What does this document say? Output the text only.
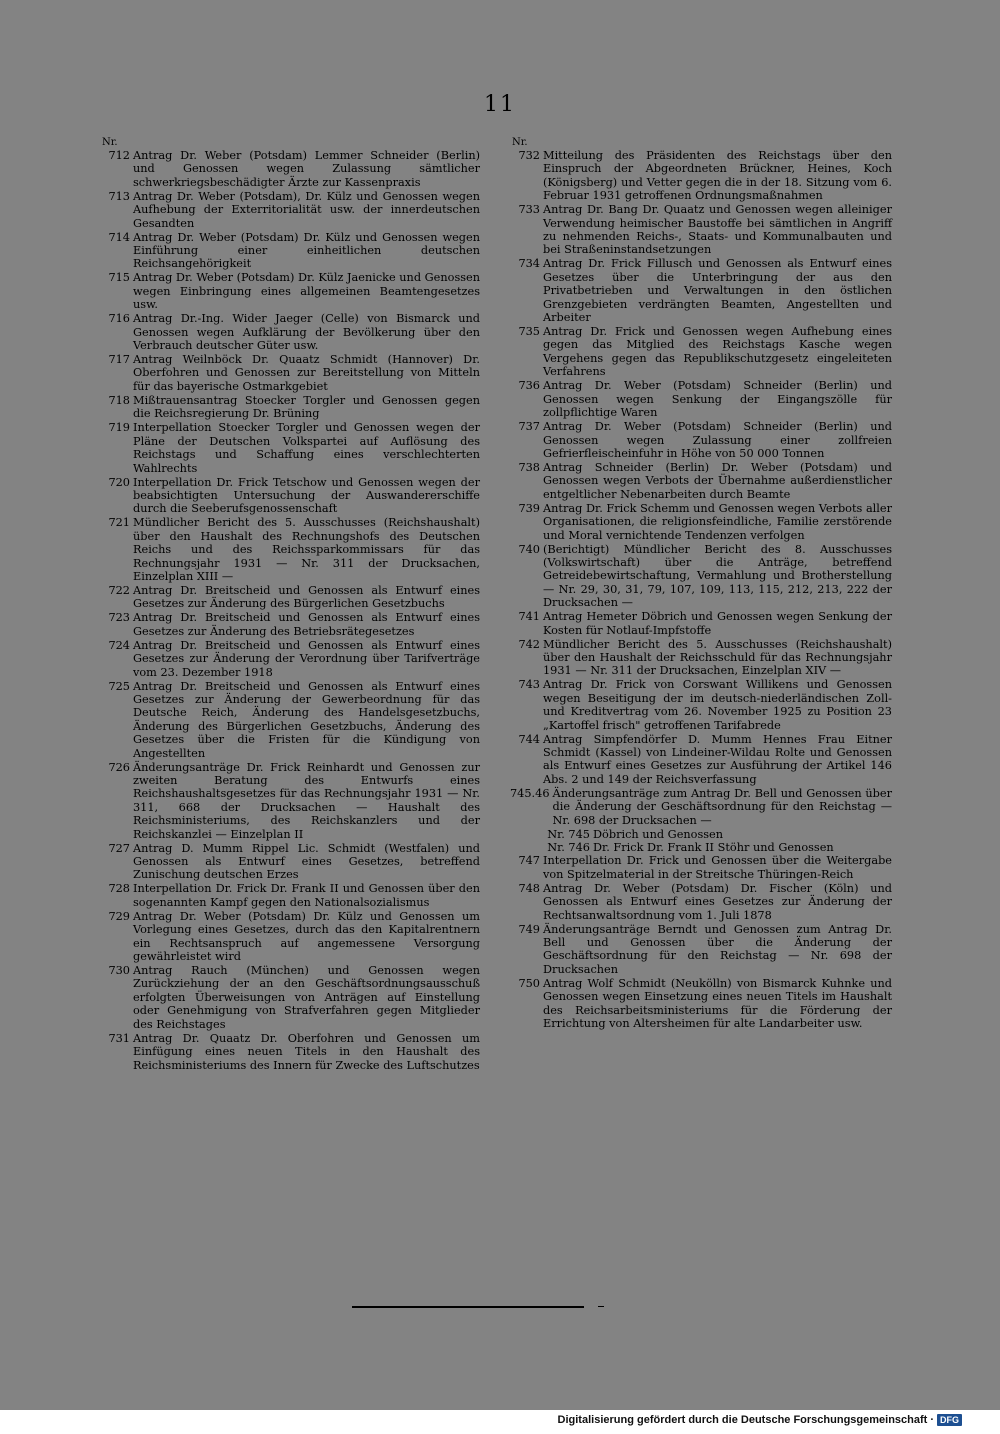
11
Nr.
712 Antrag Dr. Weber (Potsdam) Lemmer Schneider (Berlin) und Genossen wegen Zulassung sämtlicher schwerkriegsbeschädigter Ärzte zur Kassenpraxis
713 Antrag Dr. Weber (Potsdam), Dr. Külz und Genossen wegen Aufhebung der Exterritorialität usw. der innerdeutschen Gesandten
714 Antrag Dr. Weber (Potsdam) Dr. Külz und Genossen wegen Einführung einer einheitlichen deutschen Reichsangehörigkeit
715 Antrag Dr. Weber (Potsdam) Dr. Külz Jaenicke und Genossen wegen Einbringung eines allgemeinen Beamtengesetzes usw.
716 Antrag Dr.-Ing. Wider Jaeger (Celle) von Bismarck und Genossen wegen Aufklärung der Bevölkerung über den Verbrauch deutscher Güter usw.
717 Antrag Weilnböck Dr. Quaatz Schmidt (Hannover) Dr. Oberfohren und Genossen zur Bereitstellung von Mitteln für das bayerische Ostmarkgebiet
718 Mißtrauensantrag Stoecker Torgler und Genossen gegen die Reichsregierung Dr. Brüning
719 Interpellation Stoecker Torgler und Genossen wegen der Pläne der Deutschen Volkspartei auf Auflösung des Reichstags und Schaffung eines verschlechterten Wahlrechts
720 Interpellation Dr. Frick Tetschow und Genossen wegen der beabsichtigten Untersuchung der Auswandererschiffe durch die Seeberufsgenossenschaft
721 Mündlicher Bericht des 5. Ausschusses (Reichshaushalt) über den Haushalt des Rechnungshofs des Deutschen Reichs und des Reichssparkommissars für das Rechnungsjahr 1931 — Nr. 311 der Drucksachen, Einzelplan XIII —
722 Antrag Dr. Breitscheid und Genossen als Entwurf eines Gesetzes zur Änderung des Bürgerlichen Gesetzbuchs
723 Antrag Dr. Breitscheid und Genossen als Entwurf eines Gesetzes zur Änderung des Betriebsrätegesetzes
724 Antrag Dr. Breitscheid und Genossen als Entwurf eines Gesetzes zur Änderung der Verordnung über Tarifverträge vom 23. Dezember 1918
725 Antrag Dr. Breitscheid und Genossen als Entwurf eines Gesetzes zur Änderung der Gewerbeordnung für das Deutsche Reich, Änderung des Handelsgesetzbuchs, Änderung des Bürgerlichen Gesetzbuchs, Änderung des Gesetzes über die Fristen für die Kündigung von Angestellten
726 Änderungsanträge Dr. Frick Reinhardt und Genossen zur zweiten Beratung des Entwurfs eines Reichshaushaltsgesetzes für das Rechnungsjahr 1931 — Nr. 311, 668 der Drucksachen — Haushalt des Reichsministeriums, des Reichskanzlers und der Reichskanzlei — Einzelplan II
727 Antrag D. Mumm Rippel Lic. Schmidt (Westfalen) und Genossen als Entwurf eines Gesetzes, betreffend Zunischung deutschen Erzes
728 Interpellation Dr. Frick Dr. Frank II und Genossen über den sogenannten Kampf gegen den Nationalsozialismus
729 Antrag Dr. Weber (Potsdam) Dr. Külz und Genossen um Vorlegung eines Gesetzes, durch das den Kapitalrentnern ein Rechtsanspruch auf angemessene Versorgung gewährleistet wird
730 Antrag Rauch (München) und Genossen wegen Zurückziehung der an den Geschäftsordnungsausschuß erfolgten Überweisungen von Anträgen auf Einstellung oder Genehmigung von Strafverfahren gegen Mitglieder des Reichstages
731 Antrag Dr. Quaatz Dr. Oberfohren und Genossen um Einfügung eines neuen Titels in den Haushalt des Reichsministeriums des Innern für Zwecke des Luftschutzes
Nr.
732 Mitteilung des Präsidenten des Reichstags über den Einspruch der Abgeordneten Brückner, Heines, Koch (Königsberg) und Vetter gegen die in der 18. Sitzung vom 6. Februar 1931 getroffenen Ordnungsmaßnahmen
733 Antrag Dr. Bang Dr. Quaatz und Genossen wegen alleiniger Verwendung heimischer Baustoffe bei sämtlichen in Angriff zu nehmenden Reichs-, Staats- und Kommunalbauten und bei Straßeninstandsetzungen
734 Antrag Dr. Frick Fillusch und Genossen als Entwurf eines Gesetzes über die Unterbringung der aus den Privatbetrieben und Verwaltungen in den östlichen Grenzgebieten verdrängten Beamten, Angestellten und Arbeiter
735 Antrag Dr. Frick und Genossen wegen Aufhebung eines gegen das Mitglied des Reichstags Kasche wegen Vergehens gegen das Republikschutzgesetz eingeleiteten Verfahrens
736 Antrag Dr. Weber (Potsdam) Schneider (Berlin) und Genossen wegen Senkung der Eingangszölle für zollpflichtige Waren
737 Antrag Dr. Weber (Potsdam) Schneider (Berlin) und Genossen wegen Zulassung einer zollfreien Gefrierfleischeinfuhr in Höhe von 50 000 Tonnen
738 Antrag Schneider (Berlin) Dr. Weber (Potsdam) und Genossen wegen Verbots der Übernahme außerdienstlicher entgeltlicher Nebenarbeiten durch Beamte
739 Antrag Dr. Frick Schemm und Genossen wegen Verbots aller Organisationen, die religionsfeindliche, Familie zerstörende und Moral vernichtende Tendenzen verfolgen
740 (Berichtigt) Mündlicher Bericht des 8. Ausschusses (Volkswirtschaft) über die Anträge, betreffend Getreidebewirtschaftung, Vermahlung und Brotherstellung — Nr. 29, 30, 31, 79, 107, 109, 113, 115, 212, 213, 222 der Drucksachen —
741 Antrag Hemeter Döbrich und Genossen wegen Senkung der Kosten für Notlauf-Impfstoffe
742 Mündlicher Bericht des 5. Ausschusses (Reichshaushalt) über den Haushalt der Reichsschuld für das Rechnungsjahr 1931 — Nr. 311 der Drucksachen, Einzelplan XIV —
743 Antrag Dr. Frick von Corswant Willikens und Genossen wegen Beseitigung der im deutsch-niederländischen Zoll- und Kreditvertrag vom 26. November 1925 zu Position 23 „Kartoffel frisch" getroffenen Tarifabrede
744 Antrag Simpfendörfer D. Mumm Hennes Frau Eitner Schmidt (Kassel) von Lindeiner-Wildau Rolte und Genossen als Entwurf eines Gesetzes zur Ausführung der Artikel 146 Abs. 2 und 149 der Reichsverfassung
745.46 Änderungsanträge zum Antrag Dr. Bell und Genossen über die Änderung der Geschäftsordnung für den Reichstag — Nr. 698 der Drucksachen —
Nr. 745 Döbrich und Genossen
Nr. 746 Dr. Frick Dr. Frank II Stöhr und Genossen
747 Interpellation Dr. Frick und Genossen über die Weitergabe von Spitzelmaterial in der Streitsche Thüringen-Reich
748 Antrag Dr. Weber (Potsdam) Dr. Fischer (Köln) und Genossen als Entwurf eines Gesetzes zur Änderung der Rechtsanwaltsordnung vom 1. Juli 1878
749 Änderungsanträge Berndt und Genossen zum Antrag Dr. Bell und Genossen über die Änderung der Geschäftsordnung für den Reichstag — Nr. 698 der Drucksachen
750 Antrag Wolf Schmidt (Neukölln) von Bismarck Kuhnke und Genossen wegen Einsetzung eines neuen Titels im Haushalt des Reichsarbeitsministeriums für die Förderung der Errichtung von Altersheimen für alte Landarbeiter usw.
Digitalisierung gefördert durch die Deutsche Forschungsgemeinschaft · DFG
